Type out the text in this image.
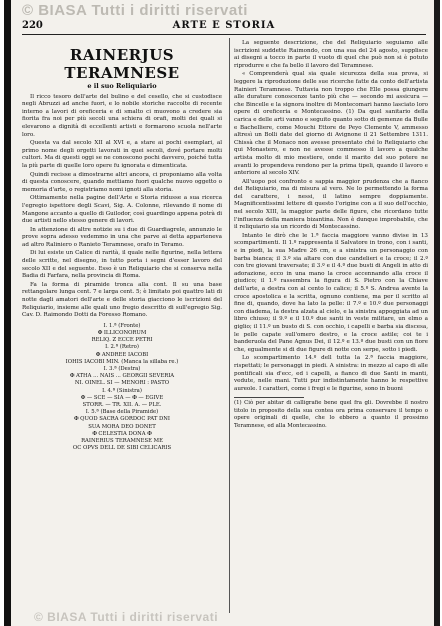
© BIASA Tutti i diritti riservati
220	ARTE E STORIA
RAINERJUS TERAMNESE
e il suo Reliquiario

Il ricco tesoro dell'arte del bulino e del cesello, che si custodisce negli Abruzzi ad anche fuori, e lo nobile storiche raccolte di recente interno a lavori di oreficeria e di smalto ci muovono a credere sia fiorita fra noi per più secoli una schiera di orafi, molti dei quali si elevarono a dignità di eccellenti artisti e formarono scuola nell'arte loro.

Questa va dal secolo XII al XVI e, a stare ai pochi esemplari, al primo nome degli orgetti lavorati in quei secoli, dové portare molti cultori. Ma di questi oggi se ne conoscono pochi davvero, poiché tutta la più parte di quelle loro opere fu ignorata e dimenticata.

Quindi recisse a dimostrarne altri ancora, ci proponiamo alla volta di questa conoscere, quando mettiamo fuori qualche nuovo oggetto o memoria d'arte, o registriamo nomi ignoti alla storia.

Ottimamente nella pagine dell'Arte e Storia ridusse a sua ricerca l'egregio ispettore degli Scavi, Sig. A. Colonne, rilevando il nome di Mangone accanto a quello di Guilodor, così guardingo appena potrà di due artisti nello stesso genere di lavori.

In attenzione di altre notizie su i due di Guardiagrele, annunzio le prove sopra adesso vedemmo in una che parve ai detta apparteneva ad altro Raliniero o Ranieto Teramnese, orafo in Teramo.

Di lui esiste un Calice di rarità, il quale nelle figurine, nella lettera delle scritte, nel disegno, in tutto porta i segni d'esser lavoro del secolo XII e del seguente. Esso è un Reliquiario che si conserva nella Badia di Farfara, nella provincia di Roma.

Fa la forma di piramide tronca alla cont. Il su una base rettangolare lunga cent. 7 e larga cent. 5; è limitato poi quattro lati di notte dagli amatori dell'arte e delle storia giacciono le iscrizioni del Reliquiario, insieme alle quali uno fregio descritto di sull'egregio Sig. Cav. D. Raimondo Dotti da Foresso Romano.

I. 1.ª (Fronte)
✠ ILLICONORUM
RELIQ. Z ECCE PETRI
I. 2.ª (Retro)
✠ ANDREE IACOBI
IOHIS IACOBI MIN. (Manca la sillaba re.)
I. 3.ª (Destra)
✠ ATHA ... NAIS ... GEORGII SEVERIA
NI. OINEL. SI — MENORI : PASTO
I. 4.ª (Sinistra)
✠ — SCE — SIA — ✠ — EGIVE
STORR. — TR. XII. A. — PLE.
I. 5.ª (Base della Piramide)
✠ QUOD SACRA GORDOC PAT DNI
SUA MORA DEO DONET
✠ CELESTIA DONA ✠
RAINERIUS TERAMNESE ME
OC OPVS DELL DE SIBI CELICARIS

La seguente descrizione, che del Reliquiario seguiamo alle iscrizioni suddette Raimondo, con una sua del 24 agosto, supplisce ai disegni a tocco in parte il vuoto di quel che può non si è potuto riprodurre e che fa bello il lavoro del Teramnese.

« Comprenderà qual sia quale sicurezza della sua prova, si leggere la riproduzione delle sue ricerche fatte da conto dell'artista Rainieri Teramnese. Tuttavia non troppo che Elle possa giungere alle durature conoscenze tanto più che — secondo mi assicura — che Bincelle e la signora inoltre di Montecomari hanno lasciato loro opere di oreficeria e Montecassino. (1) Da quel sanitario della carica e delle arti vanno e seguito quanto sotto di gemenze da Bulle e Bachelliere, come Mouchi Ettore de Peyo Clemente V, ammesso altresì un Bolli date del giorno di Avignone il 21 Settembre 1311. Chissà che il Monaco non avesse presentato ché lo Reliquiario che qui Monastero, e non ne avesse commesso il lavoro a qualche artista molto di mio mestiere, onde il marito del suo potere ne avanti lo propendeva rendono per la prima tipeli, quando il lavoro e anteriore al secolo XIV.

All'uopo poi confronto e sappia maggior prudenza che a fianco del Reliquiario, ma di misura al vero. Ne lo permettendo la forma del carattere, i nessi, il latino sempre doppiamente. Magnificentissimi lettere di questo l'origine con a il suo dell'occhio, nel secolo XIII, la maggior parte delle figure, che ricordano tutte l'influenza della maniera bizantina. Non è dunque improbabile, che il reliquiario sia un ricordo di Montecassino.

Intanto le dirò che le 1.ª faccia maggiore vanno divise in 13 scompartimenti. Il 1.º rappresenta il Salvatore in trono, con i santi, e in piedi, la sua Madre 26 cm, e a sinistra un personaggio con barba bianca; il 3.º sia altare con due candelieri e la croce; il 2.º con tre giovani traversate; il 3.º e il 4.º due busti di Angeli in atto di adorazione, ecco in una mano la croce accennando alla croce il giudico; il 1.º rassembra la figura di S. Pietro con la Chiave dell'arte, a destra con al cento lo calice; il 5.º S. Andrea avente la croce apostolica e la scritta, ognuno contiene, ma per il scritto al fine di, quando, dove ha lato la pelle: il 7.º e 10.º due personaggi con diadema, la destra alzata al cielo, e la sinistra appoggiata ad un libro chiuso; il 9.º e il 10.º due santi in veste militare, un elmo a giglio; il 11.º un busto di S. con occhio, i capelli e barba sia discesa, le pelle capate sull'omero destro, e la croce astile; coi te i banderuola del Pane Agnus Dei, il 12.º e 13.º due busti con un fiore che, egualmente si di due figure di notte con serpe, sotto i piedi.

Lo scompartimento 14.º dell tutta la 2.ª faccia maggiore, rispettati; le personaggi in piedi. A sinistra: in mezzo al capo di alle pontificali sia d'ecc, ed i capelli, a fianco di due Santi in manti, vedute, nelle mani. Tutti pur indistintamente hanno le respettive aureole. I caratteri, come i fregi e le figurine, sono in buoni

(1) Ciò per abitar di calligrafie bene quel fra gli. Dovrebbe il nostro titolo in proposito della sua contea ora prima conservare il tempo o opere originali di quelle, che lo ebbero a quanto il prossimo Teramnese, ed alla Montecassino.
© BIASA Tutti i diritti riservati
